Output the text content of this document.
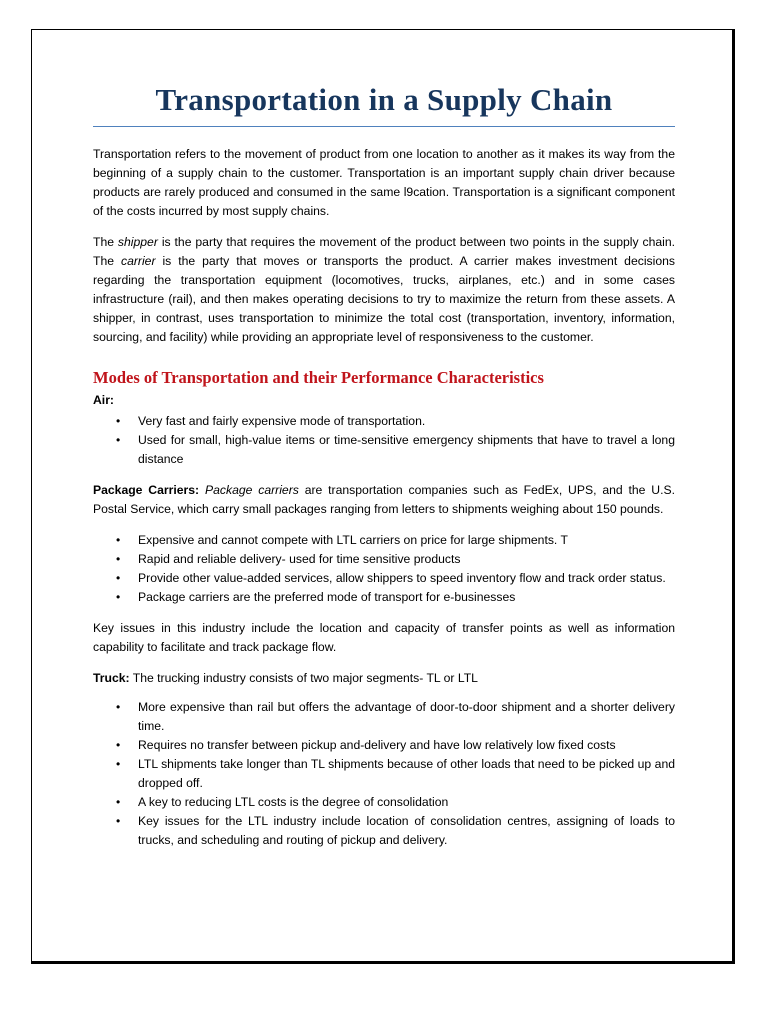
Transportation in a Supply Chain

Transportation refers to the movement of product from one location to another as it makes its way from the beginning of a supply chain to the customer. Transportation is an important supply chain driver because products are rarely produced and consumed in the same l9cation. Transportation is a significant component of the costs incurred by most supply chains.

The shipper is the party that requires the movement of the product between two points in the supply chain. The carrier is the party that moves or transports the product. A carrier makes investment decisions regarding the transportation equipment (locomotives, trucks, airplanes, etc.) and in some cases infrastructure (rail), and then makes operating decisions to try to maximize the return from these assets. A shipper, in contrast, uses transportation to minimize the total cost (transportation, inventory, information, sourcing, and facility) while providing an appropriate level of responsiveness to the customer.

Modes of Transportation and their Performance Characteristics
Air:
• Very fast and fairly expensive mode of transportation.
• Used for small, high-value items or time-sensitive emergency shipments that have to travel a long distance

Package Carriers: Package carriers are transportation companies such as FedEx, UPS, and the U.S. Postal Service, which carry small packages ranging from letters to shipments weighing about 150 pounds.

• Expensive and cannot compete with LTL carriers on price for large shipments. T
• Rapid and reliable delivery- used for time sensitive products
• Provide other value-added services, allow shippers to speed inventory flow and track order status.
• Package carriers are the preferred mode of transport for e-businesses

Key issues in this industry include the location and capacity of transfer points as well as information capability to facilitate and track package flow.

Truck: The trucking industry consists of two major segments- TL or LTL

• More expensive than rail but offers the advantage of door-to-door shipment and a shorter delivery time.
• Requires no transfer between pickup and-delivery and have low relatively low fixed costs
• LTL shipments take longer than TL shipments because of other loads that need to be picked up and dropped off.
• A key to reducing LTL costs is the degree of consolidation
• Key issues for the LTL industry include location of consolidation centres, assigning of loads to trucks, and scheduling and routing of pickup and delivery.
